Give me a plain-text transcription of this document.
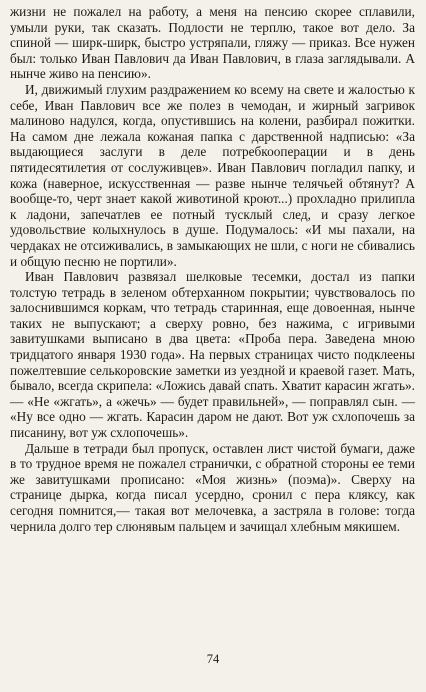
жизни не пожалел на работу, а меня на пенсию скорее сплавили, умыли руки, так сказать. Подлости не терплю, такое вот дело. За спиной — ширк-ширк, быстро устряпали, гляжу — приказ. Все нужен был: только Иван Павлович да Иван Павлович, в глаза заглядывали. А нынче живо на пенсию».

И, движимый глухим раздражением ко всему на свете и жалостью к себе, Иван Павлович все же полез в чемодан, и жирный загривок малиново надулся, когда, опустившись на колени, разбирал пожитки. На самом дне лежала кожаная папка с дарственной надписью: «За выдающиеся заслуги в деле потребкооперации и в день пятидесятилетия от сослуживцев». Иван Павлович погладил папку, и кожа (наверное, искусственная — разве нынче телячьей обтянут? А вообще-то, черт знает какой животиной кроют...) прохладно прилипла к ладони, запечатлев ее потный тусклый след, и сразу легкое удовольствие колыхнулось в душе. Подумалось: «И мы пахали, на чердаках не отсиживались, в замыкающих не шли, с ноги не сбивались и общую песню не портили».

Иван Павлович развязал шелковые тесемки, достал из папки толстую тетрадь в зеленом обтерханном покрытии; чувствовалось по залоснившимся коркам, что тетрадь старинная, еще довоенная, нынче таких не выпускают; а сверху ровно, без нажима, с игривыми завитушками выписано в два цвета: «Проба пера. Заведена мною тридцатого января 1930 года». На первых страницах чисто подклеены пожелтевшие селькоровские заметки из уездной и краевой газет. Мать, бывало, всегда скрипела: «Ложись давай спать. Хватит карасин жгать».— «Не «жгать», а «жечь» — будет правильней», — поправлял сын. — «Ну все одно — жгать. Карасин даром не дают. Вот уж схлопочешь за писанину, вот уж схлопочешь».

Дальше в тетради был пропуск, оставлен лист чистой бумаги, даже в то трудное время не пожалел странички, с обратной стороны ее теми же завитушками прописано: «Моя жизнь» (поэма)». Сверху на странице дырка, когда писал усердно, сронил с пера кляксу, как сегодня помнится,— такая вот мелочевка, а застряла в голове: тогда чернила долго тер слюнявым пальцем и зачищал хлебным мякишем.

74
